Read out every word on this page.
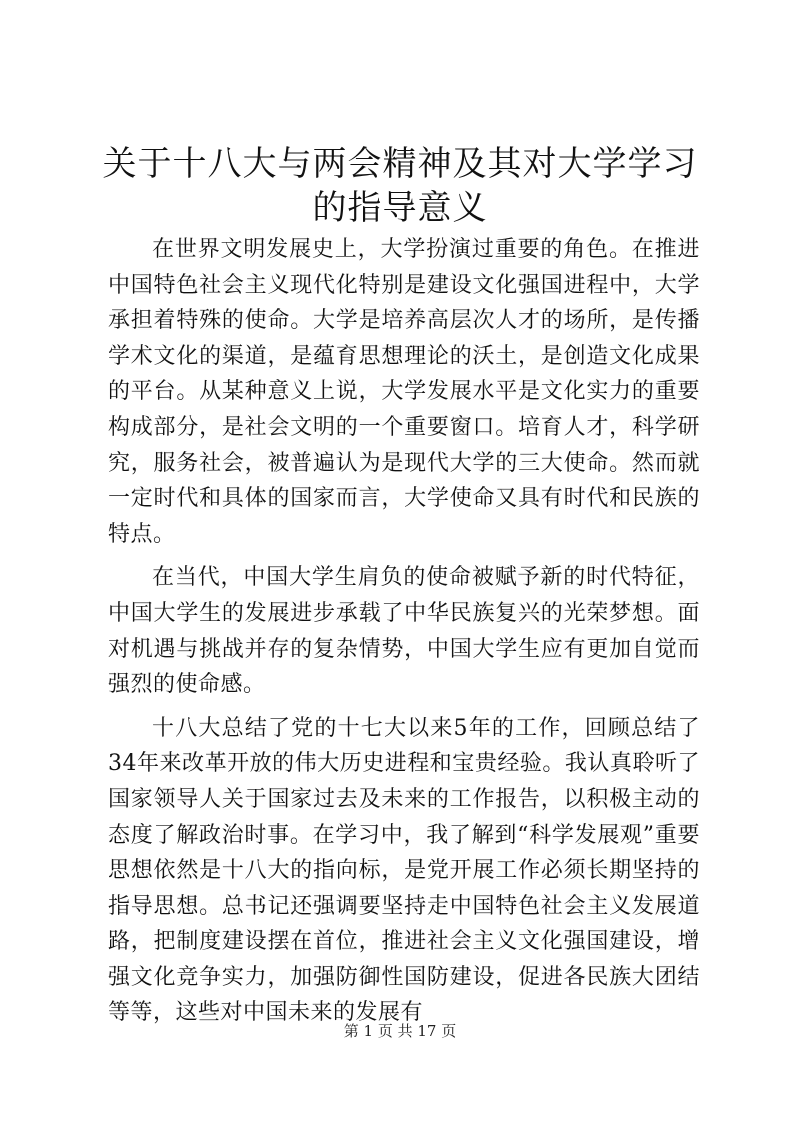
关于十八大与两会精神及其对大学学习的指导意义

在世界文明发展史上，大学扮演过重要的角色。在推进中国特色社会主义现代化特别是建设文化强国进程中，大学承担着特殊的使命。大学是培养高层次人才的场所，是传播学术文化的渠道，是蕴育思想理论的沃土，是创造文化成果的平台。从某种意义上说，大学发展水平是文化实力的重要构成部分，是社会文明的一个重要窗口。培育人才，科学研究，服务社会，被普遍认为是现代大学的三大使命。然而就一定时代和具体的国家而言，大学使命又具有时代和民族的特点。

在当代，中国大学生肩负的使命被赋予新的时代特征，中国大学生的发展进步承载了中华民族复兴的光荣梦想。面对机遇与挑战并存的复杂情势，中国大学生应有更加自觉而强烈的使命感。

十八大总结了党的十七大以来5年的工作，回顾总结了34年来改革开放的伟大历史进程和宝贵经验。我认真聆听了国家领导人关于国家过去及未来的工作报告，以积极主动的态度了解政治时事。在学习中，我了解到“科学发展观”重要思想依然是十八大的指向标，是党开展工作必须长期坚持的指导思想。总书记还强调要坚持走中国特色社会主义发展道路，把制度建设摆在首位，推进社会主义文化强国建设，增强文化竞争实力，加强防御性国防建设，促进各民族大团结等等，这些对中国未来的发展有

第 1 页 共 17 页
